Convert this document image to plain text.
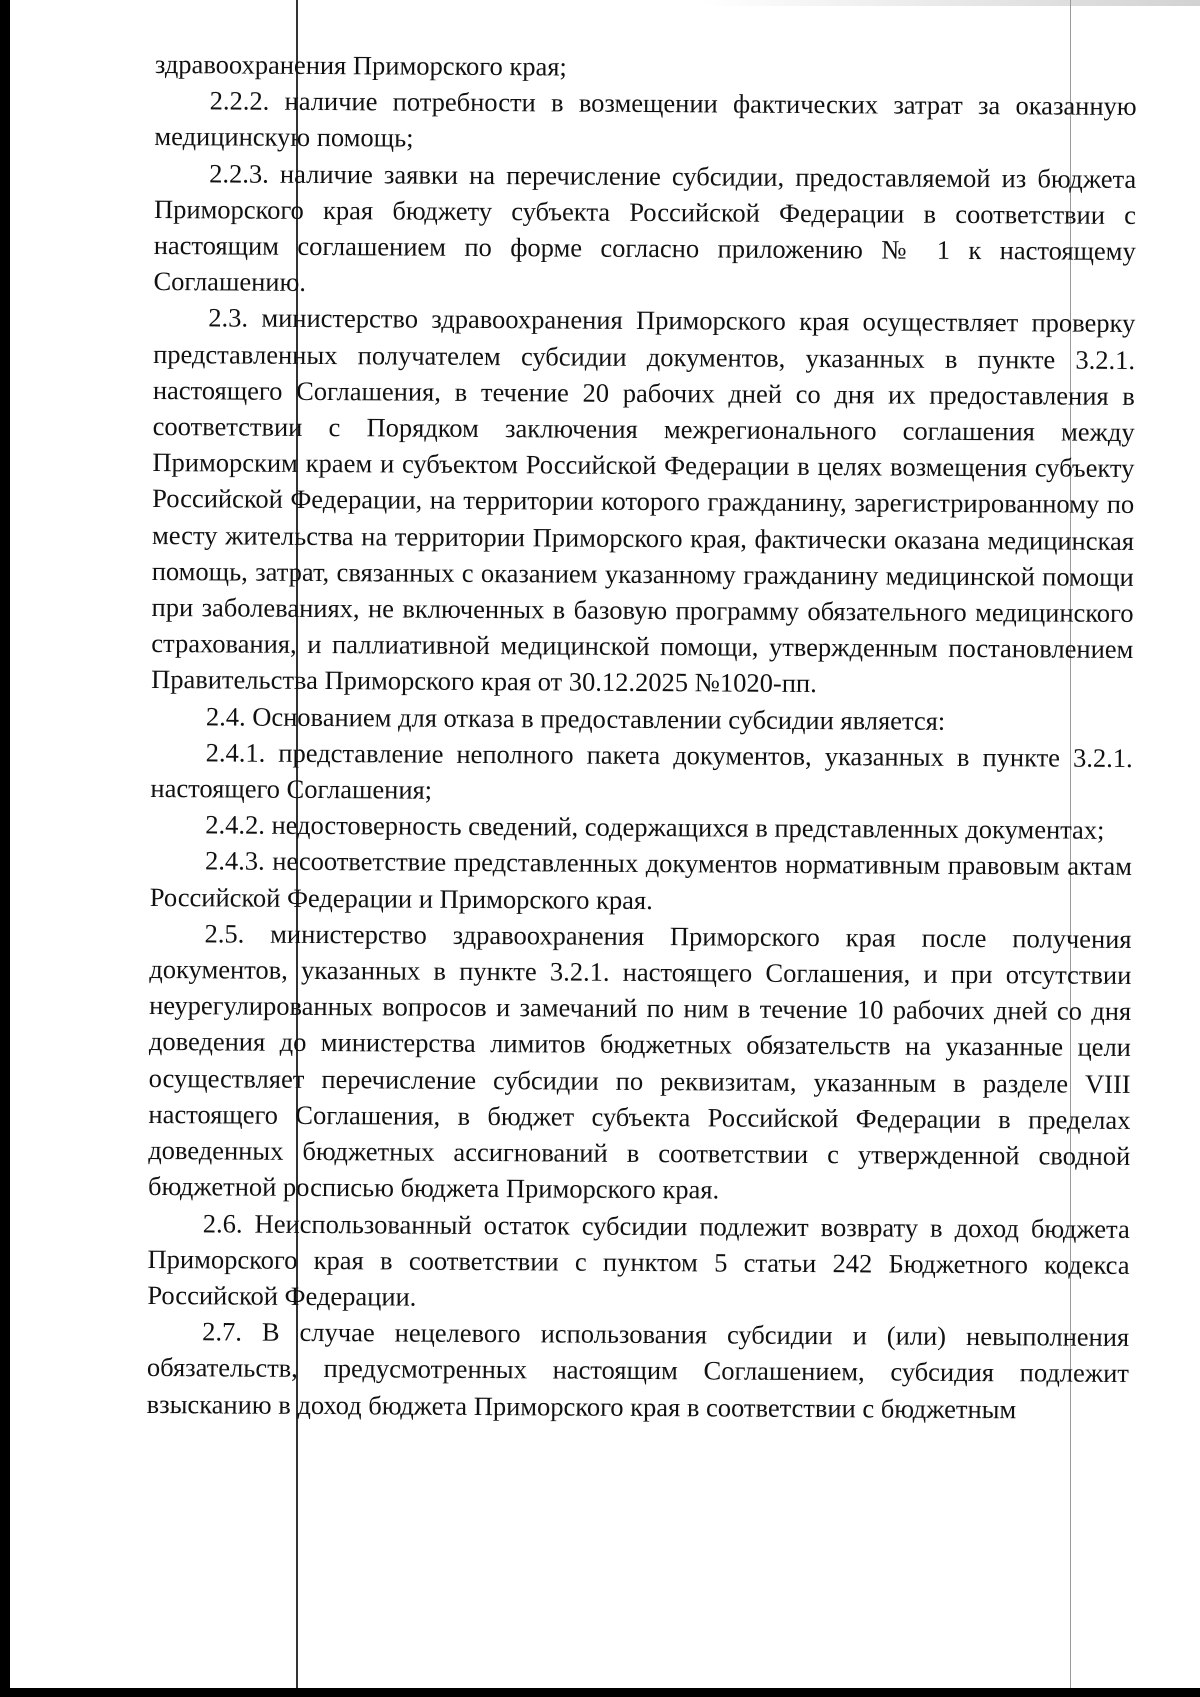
здравоохранения Приморского края;

2.2.2. наличие потребности в возмещении фактических затрат за оказанную медицинскую помощь;

2.2.3. наличие заявки на перечисление субсидии, предоставляемой из бюджета Приморского края бюджету субъекта Российской Федерации в соответствии с настоящим соглашением по форме согласно приложению № 1 к настоящему Соглашению.

2.3. министерство здравоохранения Приморского края осуществляет проверку представленных получателем субсидии документов, указанных в пункте 3.2.1. настоящего Соглашения, в течение 20 рабочих дней со дня их предоставления в соответствии с Порядком заключения межрегионального соглашения между Приморским краем и субъектом Российской Федерации в целях возмещения субъекту Российской Федерации, на территории которого гражданину, зарегистрированному по месту жительства на территории Приморского края, фактически оказана медицинская помощь, затрат, связанных с оказанием указанному гражданину медицинской помощи при заболеваниях, не включенных в базовую программу обязательного медицинского страхования, и паллиативной медицинской помощи, утвержденным постановлением Правительства Приморского края от 30.12.2025 №1020-пп.

2.4. Основанием для отказа в предоставлении субсидии является:

2.4.1. представление неполного пакета документов, указанных в пункте 3.2.1. настоящего Соглашения;

2.4.2. недостоверность сведений, содержащихся в представленных документах;

2.4.3. несоответствие представленных документов нормативным правовым актам Российской Федерации и Приморского края.

2.5. министерство здравоохранения Приморского края после получения документов, указанных в пункте 3.2.1. настоящего Соглашения, и при отсутствии неурегулированных вопросов и замечаний по ним в течение 10 рабочих дней со дня доведения до министерства лимитов бюджетных обязательств на указанные цели осуществляет перечисление субсидии по реквизитам, указанным в разделе VIII настоящего Соглашения, в бюджет субъекта Российской Федерации в пределах доведенных бюджетных ассигнований в соответствии с утвержденной сводной бюджетной росписью бюджета Приморского края.

2.6. Неиспользованный остаток субсидии подлежит возврату в доход бюджета Приморского края в соответствии с пунктом 5 статьи 242 Бюджетного кодекса Российской Федерации.

2.7. В случае нецелевого использования субсидии и (или) невыполнения обязательств, предусмотренных настоящим Соглашением, субсидия подлежит взысканию в доход бюджета Приморского края в соответствии с бюджетным
